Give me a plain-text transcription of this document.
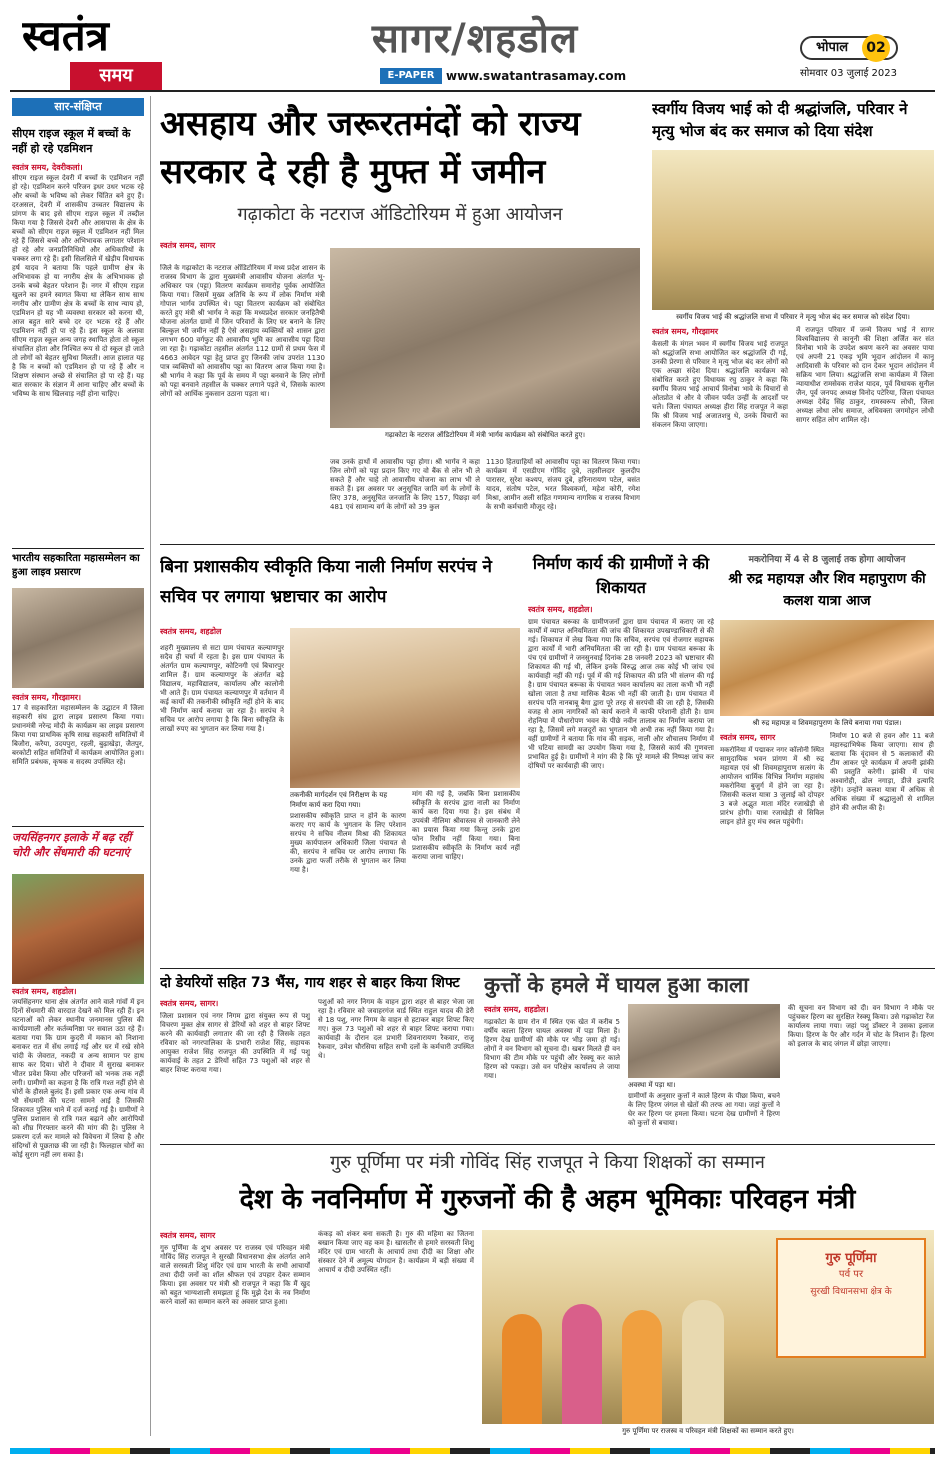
स्वतंत्र
समय
सागर/शहडोल
E-PAPER www.swatantrasamay.com
भोपाल	02
सोमवार 03 जुलाई 2023
सार-संक्षिप्त
सीएम राइज स्कूल में बच्चों के नहीं हो रहे एडमिशन
स्वतंत्र समय, देवरीकलां।
सीएम राइज स्कूल देवरी में बच्चों के एडमिशन नहीं हो रहे। एडमिशन करने परिजन इधर उधर भटक रहे और बच्चों के भविष्य को लेकर चिंतित बने हुए हैं। दरअसल, देवरी में शासकीय उच्चतर विद्यालय के प्रांगण के बाद इसे सीएम राइज स्कूल में तब्दील किया गया है जिससे देवरी और आसपास के क्षेत्र के बच्चों को सीएम राइज स्कूल में एडमिशन नहीं मिल रहे हैं जिससे बच्चे और अभिभावक लगातार परेशान हो रहे और जनप्रतिनिधियों और अधिकारियों के चक्कर लगा रहे हैं। इसी सिलसिले में खेड़ीय विधायक हर्ष यादव ने बताया कि पहले ग्रामीण क्षेत्र के अभिभावक हो या नगरीय क्षेत्र के अभिभावक हो उनके बच्चे बेहतर परेशान हैं। नगर में सीएम राइज खुलने का हमने स्वागत किया था लेकिन साथ साथ नगरीय और ग्रामीण क्षेत्र के बच्चों के साथ न्याय हो, एडमिशन हो यह भी व्यवस्था सरकार को करना थी, आज बहुत सारे बच्चे दर दर भटक रहे हैं और एडमिशन नहीं हो पा रहे हैं। इस स्कूल के अलावा सीएम राइज स्कूल अन्य जगह स्थापित होता तो स्कूल संचालित होता और निश्चित रूप से दो स्कूल हो जाते तो लोगों को बेहतर सुविधा मिलती। आज हालात यह है कि न बच्चों को एडमिशन हो पा रहे हैं और न शिक्षण संस्थान अच्छे से संचालित हो पा रहे हैं। यह बात सरकार के संज्ञान में आना चाहिए और बच्चों के भविष्य के साथ खिलवाड़ नहीं होना चाहिए।
भारतीय सहकारिता महासम्मेलन का हुआ लाइव प्रसारण
स्वतंत्र समय, गौरझामर।
17 वे सहकारिता महासम्मेलन के उद्घाटन में जिला सहकारी संघ द्वारा लाइव प्रसारण किया गया। प्रधानमंत्री नरेन्द्र मोदी के कार्यक्रम का लाइव प्रसारण किया गया प्राथमिक कृषि साख सहकारी समितियों में बिजौरा, करैया, उदयपुरा, रहली, बुढ़ाखेड़ा, जैतपुर, बरकोटी सहित समितियों में कार्यक्रम आयोजित हुआ। समिति प्रबंधक, कृषक व सदस्य उपस्थित रहे।
जयसिंहनगर इलाके में बढ़ रहीं चोरी और सेंधमारी की घटनाएं
स्वतंत्र समय, शहडोल।
जयसिंहनगर थाना क्षेत्र अंतर्गत आने वाले गांवों में इन दिनों सेंधमारी की वारदात देखने को मिल रही हैं। इन घटनाओं को लेकर स्थानीय जनमानस पुलिस की कार्यप्रणाली और कर्तव्यनिष्ठा पर सवाल उठा रहे हैं। बताया गया कि ग्राम कुदरी में मकान को निशाना बनाकर रात में सेंध लगाई गई और घर में रखे सोने चांदी के जेवरात, नकदी व अन्य सामान पर हाथ साफ कर दिया। चोरों ने दीवार में सुराख बनाकर भीतर प्रवेश किया और परिजनों को भनक तक नहीं लगी। ग्रामीणों का कहना है कि रात्रि गश्त नहीं होने से चोरों के हौसले बुलंद हैं। इसी प्रकार एक अन्य गांव में भी सेंधमारी की घटना सामने आई है जिसकी शिकायत पुलिस थाने में दर्ज कराई गई है। ग्रामीणों ने पुलिस प्रशासन से रात्रि गश्त बढ़ाने और आरोपियों को शीघ्र गिरफ्तार करने की मांग की है। पुलिस ने प्रकरण दर्ज कर मामले को विवेचना में लिया है और संदिग्धों से पूछताछ की जा रही है। फिलहाल चोरों का कोई सुराग नहीं लग सका है।
असहाय और जरूरतमंदों को राज्य सरकार दे रही है मुफ्त में जमीन
गढ़ाकोटा के नटराज ऑडिटोरियम में हुआ आयोजन
स्वतंत्र समय, सागर
जिले के गढ़ाकोटा के नटराज ऑडिटोरियम में मध्य प्रदेश शासन के राजस्व विभाग के द्वारा मुख्यमंत्री आवासीय योजना अंतर्गत भू-अधिकार पत्र (पट्टा) वितरण कार्यक्रम समारोह पूर्वक आयोजित किया गया। जिसमें मुख्य अतिथि के रूप में लोक निर्माण मंत्री गोपाल भार्गव उपस्थित थे। पट्टा वितरण कार्यक्रम को संबोधित करते हुए मंत्री श्री भार्गव ने कहा कि मध्यप्रदेश सरकार जनहितैषी योजना अंतर्गत ग्रामों में जिन परिवारों के लिए घर बनाने के लिए बिल्कुल भी जमीन नहीं है ऐसे असहाय व्यक्तियों को शासन द्वारा लगभग 600 वर्गफुट की आवासीय भूमि का आवासीय पट्टा दिया जा रहा है। गढ़ाकोटा तहसील अंतर्गत 112 ग्रामों से प्रथम फेस में 4663 आवेदन पट्टा हेतु प्राप्त हुए जिनकी जांच उपरांत 1130 पात्र व्यक्तियों को आवासीय पट्टा का वितरण आज किया गया है। श्री भार्गव ने कहा कि पूर्व के समय में पट्टा बनवाने के लिए लोगों को पट्टा बनवाने तहसील के चक्कर लगाने पड़ते थे, जिसके कारण लोगों को आर्थिक नुकसान उठाना पड़ता था।
गढ़ाकोटा के नटराज ऑडिटोरियम में मंत्री भार्गव कार्यक्रम को संबोधित करते हुए।
जब उनके हाथों में आवासीय पट्टा होगा। श्री भार्गव ने कहा जिन लोगों को पट्टा प्रदान किए गए वो बैंक से लोन भी ले सकते हैं और चाहे तो आवासीय योजना का लाभ भी ले सकते हैं। इस अवसर पर अनुसूचित जाति वर्ग के लोगों के लिए 378, अनुसूचित जनजाति के लिए 157, पिछड़ा वर्ग 481 एवं सामान्य वर्ग के लोगों को 39 कुल
1130 हितग्राहियों को आवासीय पट्टा का वितरण किया गया। कार्यक्रम में एसडीएम गोविंद दुबे, तहसीलदार कुलदीप पारासर, सुरेश कश्यप, संजय दुबे, हरिनारायण पटेल, बसंत यादव, संतोष पटेल, भरत विश्वकर्मा, महेश कोरी, रमेश मिश्रा, आमीन अली सहित गणमान्य नागरिक व राजस्व विभाग के सभी कर्मचारी मौजूद रहे।
स्वर्गीय विजय भाई को दी श्रद्धांजलि, परिवार ने मृत्यु भोज बंद कर समाज को दिया संदेश
स्वर्गीय विजय भाई की श्रद्धांजलि सभा में परिवार ने मृत्यु भोज बंद कर समाज को संदेश दिया।
स्वतंत्र समय, गौरझामर
केसली के मंगल भवन में स्वर्गीय विजय भाई राजपूत को श्रद्धांजलि सभा आयोजित कर श्रद्धांजलि दी गई, उनकी प्रेरणा से परिवार ने मृत्यु भोज बंद कर लोगों को एक अच्छा संदेश दिया। श्रद्धांजलि कार्यक्रम को संबोधित करते हुए विधायक रघु ठाकुर ने कहा कि स्वर्गीय विजय भाई आचार्य विनोबा भावे के विचारों से ओतप्रोत थे और वे जीवन पर्यंत उन्हीं के आदर्शों पर चले। जिला पंचायत अध्यक्ष हीरा सिंह राजपूत ने कहा कि श्री विजय भाई अजातशत्रु थे, उनके विचारों का संकलन किया जाएगा।
में राजपूत परिवार में जन्मे विजय भाई ने सागर विश्वविद्यालय से कानूनी की शिक्षा अर्जित कर संत विनोबा भावे के उपदेश श्रवण करने का अवसर पाया एवं अपनी 21 एकड़ भूमि भूदान आंदोलन में कानू आदिवासी के परिवार को दान देकर भूदान आंदोलन में सक्रिय भाग लिया। श्रद्धांजलि सभा कार्यक्रम में जिला न्यायाधीश रामसेवक राजेश यादव, पूर्व विधायक सुनील जैन, पूर्व जनपद अध्यक्ष विनोद पटेरिया, जिला पंचायत अध्यक्ष देवेंद्र सिंह ठाकुर, रामस्वरूप लोधी, जिला अध्यक्ष लोधा लोध समाज, अधिवक्ता जगमोहन लोधी सागर सहित लोग शामिल रहे।
बिना प्रशासकीय स्वीकृति किया नाली निर्माण सरपंच ने सचिव पर लगाया भ्रष्टाचार का आरोप
स्वतंत्र समय, शहडोल
शहरी मुख्यालय से सटा ग्राम पंचायत कल्याणपुर सदैव ही चर्चा में रहता है। इस ग्राम पंचायत के अंतर्गत ग्राम कल्याणपुर, कोटिनगी एवं बिचारपुर शामिल हैं। ग्राम कल्याणपुर के अंतर्गत बड़े विद्यालय, महाविद्यालय, कार्यालय और कालोनी भी आते हैं। ग्राम पंचायत कल्याणपुर में वर्तमान में कई कार्यों की तकनीकी स्वीकृति नहीं होने के बाद भी निर्माण कार्य कराया जा रहा है। सरपंच ने सचिव पर आरोप लगाया है कि बिना स्वीकृति के लाखों रुपए का भुगतान कर लिया गया है।
तकनीकी मार्गदर्शन एवं निरीक्षण के यह निर्माण कार्य करा दिया गया।
प्रशासकीय स्वीकृति प्राप्त न होने के कारण कराए गए कार्य के भुगतान के लिए परेशान सरपंच ने सचिव नीलम मिश्रा की शिकायत मुख्य कार्यपालन अधिकारी जिला पंचायत से की, सरपंच ने सचिव पर आरोप लगाया कि उनके द्वारा फर्जी तरीके से भुगतान कर लिया गया है।
मांग की गई है, जबकि बिना प्रशासकीय स्वीकृति के सरपंच द्वारा नाली का निर्माण कार्य करा दिया गया है। इस संबंध में उपयंत्री नीलिमा श्रीवास्तव से जानकारी लेने का प्रयास किया गया किन्तु उनके द्वारा फोन रिसीव नहीं किया गया। बिना प्रशासकीय स्वीकृति के निर्माण कार्य नहीं कराया जाना चाहिए।
निर्माण कार्य की ग्रामीणों ने की शिकायत
स्वतंत्र समय, शहडोल।
ग्राम पंचायत बरूका के ग्रामीणजनों द्वारा ग्राम पंचायत में कराए जा रहे कार्यों में व्याप्त अनियमितता की जांच की शिकायत उपखण्डाधिकारी से की गई। शिकायत में लेख किया गया कि सचिव, सरपंच एवं रोजगार सहायक द्वारा कार्यों में भारी अनियमितता की जा रही है। ग्राम पंचायत बरूका के पंच एवं ग्रामीणों ने जनसुनवाई दिनांक 28 जनवरी 2023 को भ्रष्टाचार की शिकायत की गई थी, लेकिन इनके विरुद्ध आज तक कोई भी जांच एवं कार्यवाही नहीं की गई। पूर्व में की गई शिकायत की प्रति भी संलग्न की गई है। ग्राम पंचायत बरूका के पंचायत भवन कार्यालय का ताला कभी भी नहीं खोला जाता है तथा मासिक बैठक भी नहीं की जाती है। ग्राम पंचायत में सरपंच पति नानबाबू बैगा द्वारा पूरे तरह से सरपंची की जा रही है, जिसकी वजह से आम नागरिकों को कार्य कराने में काफी परेशानी होती है। ग्राम रोहनिया में पौधारोपण भवन के पीछे नवीन तालाब का निर्माण कराया जा रहा है, जिसमें लगे मजदूरों का भुगतान भी अभी तक नहीं किया गया है। वहीं ग्रामीणों ने बताया कि गांव की सड़क, नाली और शौचालय निर्माण में भी घटिया सामग्री का उपयोग किया गया है, जिससे कार्य की गुणवत्ता प्रभावित हुई है। ग्रामीणों ने मांग की है कि पूरे मामले की निष्पक्ष जांच कर दोषियों पर कार्यवाही की जाए।
मकरोनिया में 4 से 8 जुलाई तक होगा आयोजन
श्री रुद्र महायज्ञ और शिव महापुराण की कलश यात्रा आज
श्री रुद्र महायज्ञ व शिवमहापुराण के लिये बनाया गया पंडाल।
स्वतंत्र समय, सागर
मकरोनिया में पद्माकर नगर कॉलोनी स्थित सामुदायिक भवन प्रांगण में श्री रुद्र महायज्ञ एवं श्री शिवमहापुराण सत्संग के आयोजन धार्मिक विभिन्न निर्माण महासंघ मकरोनिया बुजुर्ग में होने जा रहा है। जिसकी कलश यात्रा 3 जुलाई को दोपहर 3 बजे अद्भुत माता मंदिर रजाखेड़ी से प्रारंभ होगी। यात्रा रजाखेड़ी से सिविल लाइन होते हुए मंच स्थल पहुंचेगी।
निर्माण 10 बजे से हवन और 11 बजे महारुद्राभिषेक किया जाएगा। साथ ही बताया कि वृंदावन से 5 कलाकारों की टीम आकर पूरे कार्यक्रम में अपनी झांकी की प्रस्तुति करेगी। झांकी में पांच अश्वारोही, ढोल नगाड़ा, डीजे इत्यादि रहेंगे। उन्होंने कलश यात्रा में अधिक से अधिक संख्या में श्रद्धालुओं से शामिल होने की अपील की है।
दो डेयरियों सहित 73 भैंस, गाय शहर से बाहर किया शिफ्ट
स्वतंत्र समय, सागर।
जिला प्रशासन एवं नगर निगम द्वारा संयुक्त रूप से पशु विचरण मुक्त क्षेत्र सागर से डेरियों को शहर से बाहर शिफ्ट करने की कार्यवाही लगातार की जा रही है जिसके तहत रविवार को नगरपालिका के प्रभारी राजेश सिंह, सहायक आयुक्त राजेश सिंह राजपूत की उपस्थिति में गई पशु कार्यवाई के तहत 2 डेरियों सहित 73 पशुओं को शहर से बाहर शिफ्ट कराया गया।
पशुओं को नगर निगम के वाहन द्वारा शहर से बाहर भेजा जा रहा है। रविवार को जवाहरगंज वार्ड स्थित राहुल यादव की डेरी से 18 पशु, नगर निगम के वाहन से हटाकर बाहर शिफ्ट किए गए। कुल 73 पशुओं को शहर से बाहर शिफ्ट कराया गया। कार्यवाही के दौरान दल प्रभारी शिवनारायण रैकवार, राजू रैकवार, उमेश चौरसिया सहित सभी दलों के कर्मचारी उपस्थित थे।
कुत्तों के हमले में घायल हुआ काला
स्वतंत्र समय, शहडोल।
गढ़ाकोटा के ग्राम रोन में स्थित एक खेत में करीब 5 वर्षीय काला हिरण घायल अवस्था में पड़ा मिला है। हिरण देख ग्रामीणों की मौके पर भीड़ जमा हो गई। लोगों ने वन विभाग को सूचना दी। खबर मिलते ही वन विभाग की टीम मौके पर पहुंची और रेस्क्यू कर काले हिरण को पकड़ा। उसे वन परिक्षेत्र कार्यालय ले जाया गया।
अवस्था में पड़ा था।
ग्रामीणों के अनुसार कुत्तों ने काले हिरण के पीछा किया, बचने के लिए हिरण जंगल से खेतों की तरफ आ गया। जहां कुत्तों ने घेर कर हिरण पर हमला किया। घटना देख ग्रामीणों ने हिरण को कुत्तों से बचाया।
की सूचना वन विभाग को दी। वन विभाग ने मौके पर पहुंचकर हिरण का सुरक्षित रेस्क्यू किया। उसे गढ़ाकोटा रेंज कार्यालय लाया गया। जहां पशु डॉक्टर ने उसका इलाज किया। हिरण के पैर और गर्दन में चोट के निशान हैं। हिरण को इलाज के बाद जंगल में छोड़ा जाएगा।
गुरु पूर्णिमा पर मंत्री गोविंद सिंह राजपूत ने किया शिक्षकों का सम्मान
देश के नवनिर्माण में गुरुजनों की है अहम भूमिकाः परिवहन मंत्री
स्वतंत्र समय, सागर
गुरु पूर्णिमा के शुभ अवसर पर राजस्व एवं परिवहन मंत्री गोविंद सिंह राजपूत ने सुरखी विधानसभा क्षेत्र अंतर्गत आने वाले सरस्वती शिशु मंदिर एवं ग्राम भारती के सभी आचार्यों तथा दीदी जनों का शॉल श्रीफल एवं उपहार देकर सम्मान किया। इस अवसर पर मंत्री श्री राजपूत ने कहा कि मैं खुद को बहुत भाग्यशाली समझता हूं कि मुझे देश के नव निर्माण करने वालों का सम्मान करने का अवसर प्राप्त हुआ।
कंकड़ को शंकर बना सकती है। गुरु की महिमा का जितना बखान किया जाए वह कम है। खासतौर से हमारे सरस्वती शिशु मंदिर एवं ग्राम भारती के आचार्य तथा दीदी का शिक्षा और संस्कार देने में अमूल्य योगदान है। कार्यक्रम में बड़ी संख्या में आचार्य व दीदी उपस्थित रहीं।
गुरु पूर्णिमा
पर्व पर
सुरखी विधानसभा क्षेत्र के
गुरु पूर्णिमा पर राजस्व व परिवहन मंत्री शिक्षकों का सम्मान करते हुए।
